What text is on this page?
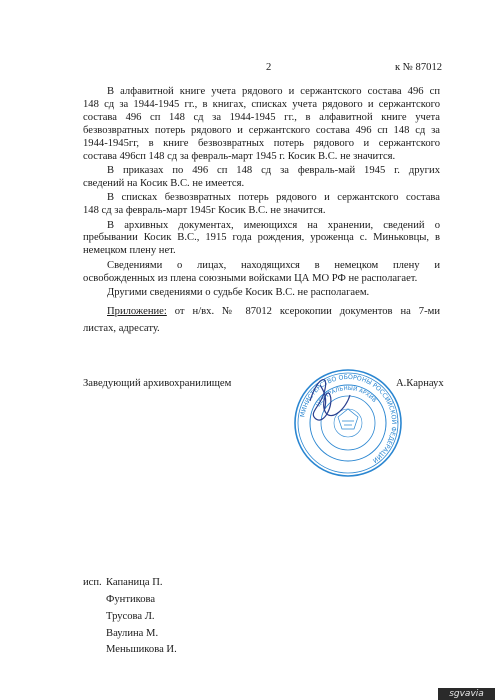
2	к № 87012
В алфавитной книге учета рядового и сержантского состава 496 сп
148 сд за 1944-1945 гг., в книгах, списках учета рядового и сержантского
состава 496 сп 148 сд за 1944-1945 гг., в алфавитной книге учета
безвозвратных потерь рядового и сержантского состава 496 сп 148 сд за
1944-1945гг, в книге безвозвратных потерь рядового и сержантского
состава 496сп 148 сд за февраль-март 1945 г. Косик В.С. не значится.
В приказах по 496 сп 148 сд за февраль-май 1945 г. других
сведений на Косик В.С. не имеется.
В списках безвозвратных потерь рядового и сержантского состава
148 сд за февраль-март 1945г Косик В.С. не значится.
В архивных документах, имеющихся на хранении, сведений о
пребывании Косик В.С., 1915 года рождения, уроженца с. Миньковцы, в
немецком плену нет.
Сведениями о лицах, находящихся в немецком плену и
освобожденных из плена союзными войсками ЦА МО РФ не располагает.
Другими сведениями о судьбе Косик В.С. не располагаем.
Приложение: от н/вх. № 87012 ксерокопии документов на 7-ми
листах, адресату.
Заведующий архивохранилищем	А.Карнаух
МИНИСТЕРСТВО ОБОРОНЫ РОССИЙСКОЙ ФЕДЕРАЦИИ
ЦЕНТРАЛЬНЫЙ АРХИВ
исп. Капаница П.
Фунтикова
Трусова Л.
Ваулина М.
Меньшикова И.
sgvavia
